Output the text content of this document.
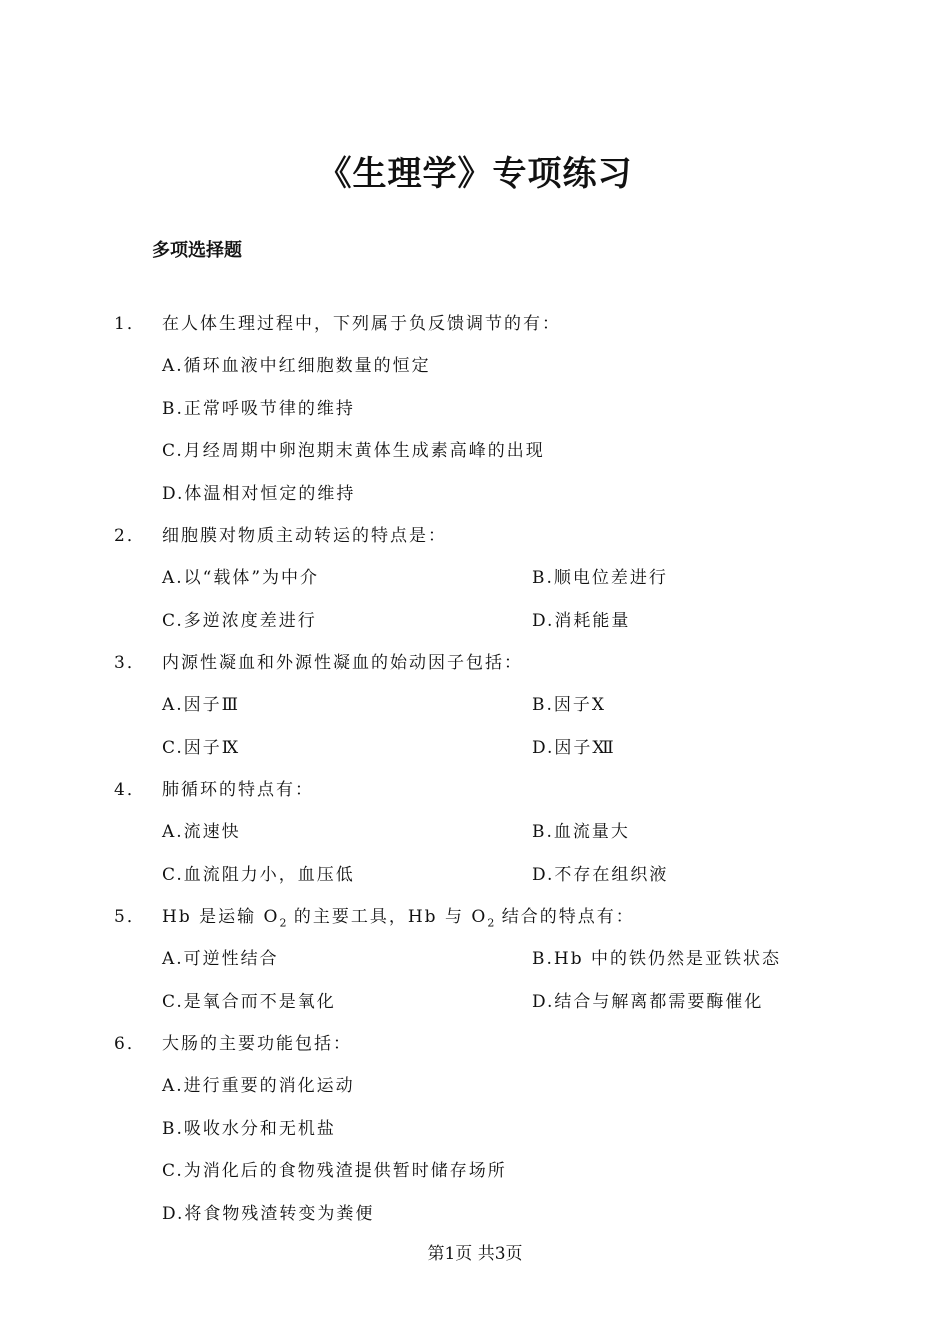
《生理学》专项练习
多项选择题
1． 在人体生理过程中，下列属于负反馈调节的有：
A.循环血液中红细胞数量的恒定
B.正常呼吸节律的维持
C.月经周期中卵泡期末黄体生成素高峰的出现
D.体温相对恒定的维持
2． 细胞膜对物质主动转运的特点是：
A.以“载体”为中介	B.顺电位差进行
C.多逆浓度差进行	D.消耗能量
3． 内源性凝血和外源性凝血的始动因子包括：
A.因子Ⅲ	B.因子Ⅹ
C.因子Ⅸ	D.因子Ⅻ
4． 肺循环的特点有：
A.流速快	B.血流量大
C.血流阻力小，血压低	D.不存在组织液
5． Hb 是运输 $O_2$ 的主要工具，Hb 与 $O_2$ 结合的特点有：
A.可逆性结合	B.Hb 中的铁仍然是亚铁状态
C.是氧合而不是氧化	D.结合与解离都需要酶催化
6． 大肠的主要功能包括：
A.进行重要的消化运动
B.吸收水分和无机盐
C.为消化后的食物残渣提供暂时储存场所
D.将食物残渣转变为粪便
第1页 共3页
